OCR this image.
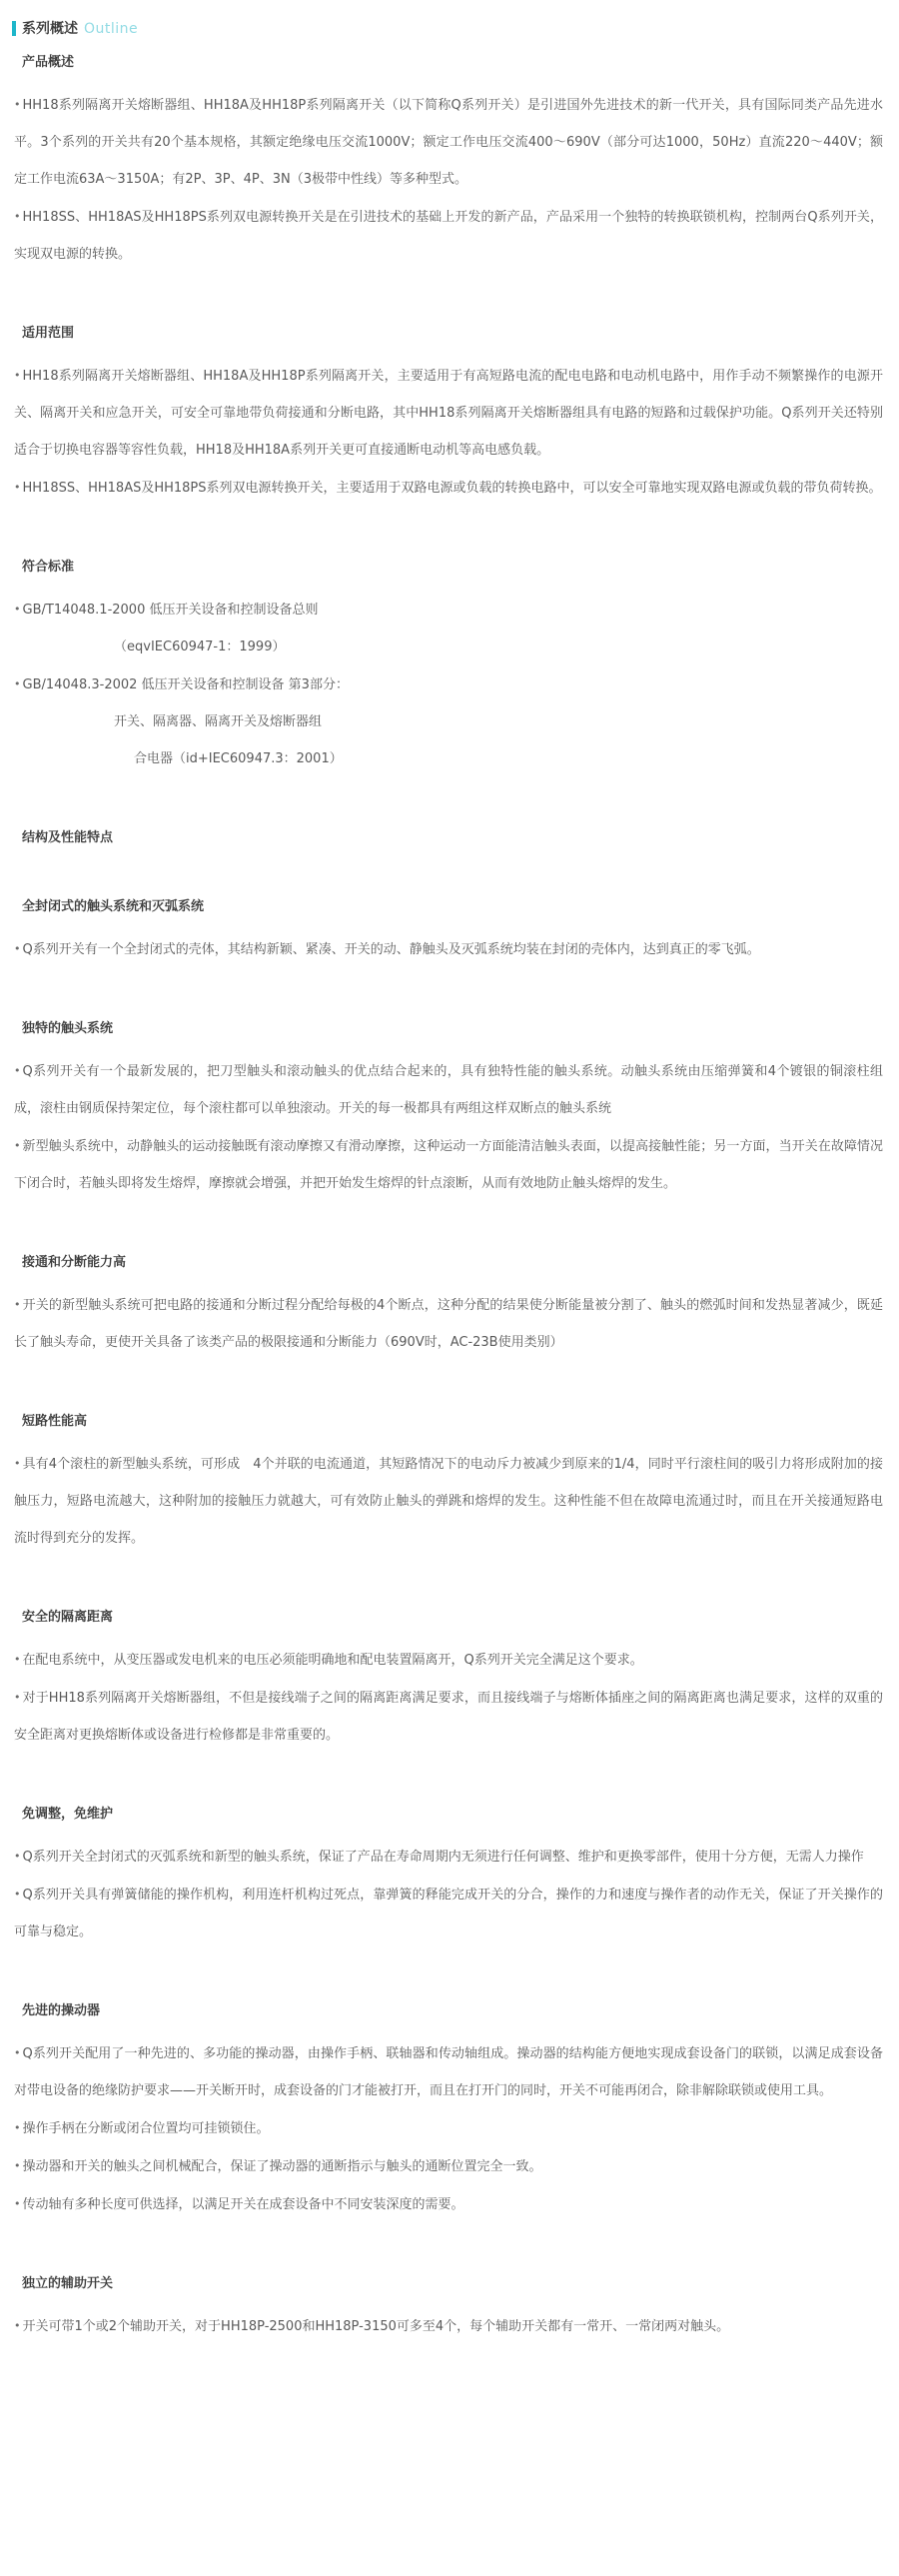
系列概述 Outline
产品概述

• HH18系列隔离开关熔断器组、HH18A及HH18P系列隔离开关（以下简称Q系列开关）是引进国外先进技术的新一代开关，具有国际同类产品先进水平。3个系列的开关共有20个基本规格，其额定绝缘电压交流1000V；额定工作电压交流400～690V（部分可达1000，50Hz）直流220～440V；额定工作电流63A～3150A；有2P、3P、4P、3N（3极带中性线）等多种型式。

• HH18SS、HH18AS及HH18PS系列双电源转换开关是在引进技术的基础上开发的新产品，产品采用一个独特的转换联锁机构，控制两台Q系列开关，实现双电源的转换。

适用范围

• HH18系列隔离开关熔断器组、HH18A及HH18P系列隔离开关，主要适用于有高短路电流的配电电路和电动机电路中，用作手动不频繁操作的电源开关、隔离开关和应急开关，可安全可靠地带负荷接通和分断电路，其中HH18系列隔离开关熔断器组具有电路的短路和过载保护功能。Q系列开关还特别适合于切换电容器等容性负载，HH18及HH18A系列开关更可直接通断电动机等高电感负载。

• HH18SS、HH18AS及HH18PS系列双电源转换开关，主要适用于双路电源或负载的转换电路中，可以安全可靠地实现双路电源或负载的带负荷转换。

符合标准

• GB/T14048.1-2000 低压开关设备和控制设备总则

（eqvIEC60947-1：1999）

• GB/14048.3-2002 低压开关设备和控制设备 第3部分：

开关、隔离器、隔离开关及熔断器组

合电器（id+IEC60947.3：2001）

结构及性能特点
全封闭式的触头系统和灭弧系统

• Q系列开关有一个全封闭式的壳体，其结构新颖、紧凑、开关的动、静触头及灭弧系统均装在封闭的壳体内，达到真正的零飞弧。

独特的触头系统

• Q系列开关有一个最新发展的，把刀型触头和滚动触头的优点结合起来的，具有独特性能的触头系统。动触头系统由压缩弹簧和4个镀银的铜滚柱组成，滚柱由钢质保持架定位，每个滚柱都可以单独滚动。开关的每一极都具有两组这样双断点的触头系统

• 新型触头系统中，动静触头的运动接触既有滚动摩擦又有滑动摩擦，这种运动一方面能清洁触头表面，以提高接触性能；另一方面，当开关在故障情况下闭合时，若触头即将发生熔焊，摩擦就会增强，并把开始发生熔焊的针点滚断，从而有效地防止触头熔焊的发生。

接通和分断能力高

• 开关的新型触头系统可把电路的接通和分断过程分配给每极的4个断点，这种分配的结果使分断能量被分割了、触头的燃弧时间和发热显著减少，既延长了触头寿命，更使开关具备了该类产品的极限接通和分断能力（690V时，AC-23B使用类别）

短路性能高

• 具有4个滚柱的新型触头系统，可形成　4个并联的电流通道，其短路情况下的电动斥力被减少到原来的1/4，同时平行滚柱间的吸引力将形成附加的接触压力，短路电流越大，这种附加的接触压力就越大，可有效防止触头的弹跳和熔焊的发生。这种性能不但在故障电流通过时，而且在开关接通短路电流时得到充分的发挥。

安全的隔离距离

• 在配电系统中，从变压器或发电机来的电压必须能明确地和配电装置隔离开，Q系列开关完全满足这个要求。

• 对于HH18系列隔离开关熔断器组，不但是接线端子之间的隔离距离满足要求，而且接线端子与熔断体插座之间的隔离距离也满足要求，这样的双重的安全距离对更换熔断体或设备进行检修都是非常重要的。

免调整，免维护

• Q系列开关全封闭式的灭弧系统和新型的触头系统，保证了产品在寿命周期内无须进行任何调整、维护和更换零部件，使用十分方便，无需人力操作

• Q系列开关具有弹簧储能的操作机构，利用连杆机构过死点，靠弹簧的释能完成开关的分合，操作的力和速度与操作者的动作无关，保证了开关操作的可靠与稳定。

先进的操动器

• Q系列开关配用了一种先进的、多功能的操动器，由操作手柄、联轴器和传动轴组成。操动器的结构能方便地实现成套设备门的联锁，以满足成套设备对带电设备的绝缘防护要求——开关断开时，成套设备的门才能被打开，而且在打开门的同时，开关不可能再闭合，除非解除联锁或使用工具。

• 操作手柄在分断或闭合位置均可挂锁锁住。

• 操动器和开关的触头之间机械配合，保证了操动器的通断指示与触头的通断位置完全一致。

• 传动轴有多种长度可供选择，以满足开关在成套设备中不同安装深度的需要。

独立的辅助开关

• 开关可带1个或2个辅助开关，对于HH18P-2500和HH18P-3150可多至4个，每个辅助开关都有一常开、一常闭两对触头。
